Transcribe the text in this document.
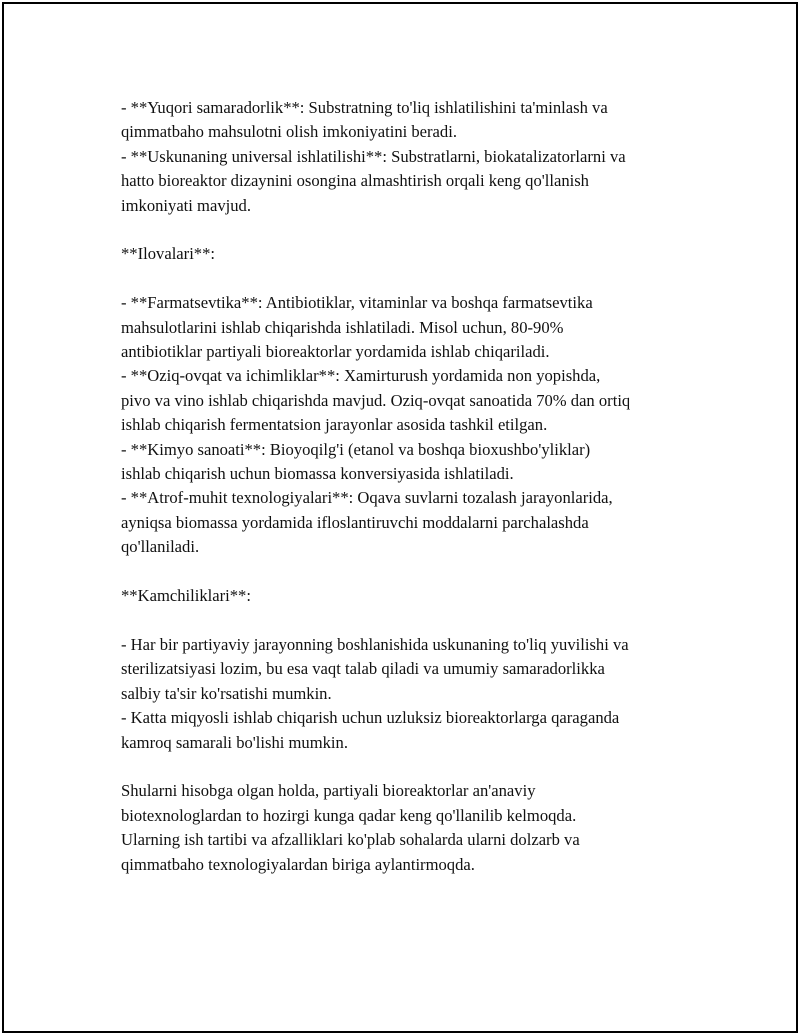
- **Yuqori samaradorlik**: Substratning to'liq ishlatilishini ta'minlash va
qimmatbaho mahsulotni olish imkoniyatini beradi.
- **Uskunaning universal ishlatilishi**: Substratlarni, biokatalizatorlarni va
hatto bioreaktor dizaynini osongina almashtirish orqali keng qo'llanish
imkoniyati mavjud.
**Ilovalari**:
- **Farmatsevtika**: Antibiotiklar, vitaminlar va boshqa farmatsevtika
mahsulotlarini ishlab chiqarishda ishlatiladi. Misol uchun, 80-90%
antibiotiklar partiyali bioreaktorlar yordamida ishlab chiqariladi.
- **Oziq-ovqat va ichimliklar**: Xamirturush yordamida non yopishda,
pivo va vino ishlab chiqarishda mavjud. Oziq-ovqat sanoatida 70% dan ortiq
ishlab chiqarish fermentatsion jarayonlar asosida tashkil etilgan.
- **Kimyo sanoati**: Bioyoqilg'i (etanol va boshqa bioxushbo'yliklar)
ishlab chiqarish uchun biomassa konversiyasida ishlatiladi.
- **Atrof-muhit texnologiyalari**: Oqava suvlarni tozalash jarayonlarida,
ayniqsa biomassa yordamida ifloslantiruvchi moddalarni parchalashda
qo'llaniladi.
**Kamchiliklari**:
- Har bir partiyaviy jarayonning boshlanishida uskunaning to'liq yuvilishi va
sterilizatsiyasi lozim, bu esa vaqt talab qiladi va umumiy samaradorlikka
salbiy ta'sir ko'rsatishi mumkin.
- Katta miqyosli ishlab chiqarish uchun uzluksiz bioreaktorlarga qaraganda
kamroq samarali bo'lishi mumkin.
Shularni hisobga olgan holda, partiyali bioreaktorlar an'anaviy
biotexnologlardan to hozirgi kunga qadar keng qo'llanilib kelmoqda.
Ularning ish tartibi va afzalliklari ko'plab sohalarda ularni dolzarb va
qimmatbaho texnologiyalardan biriga aylantirmoqda.
